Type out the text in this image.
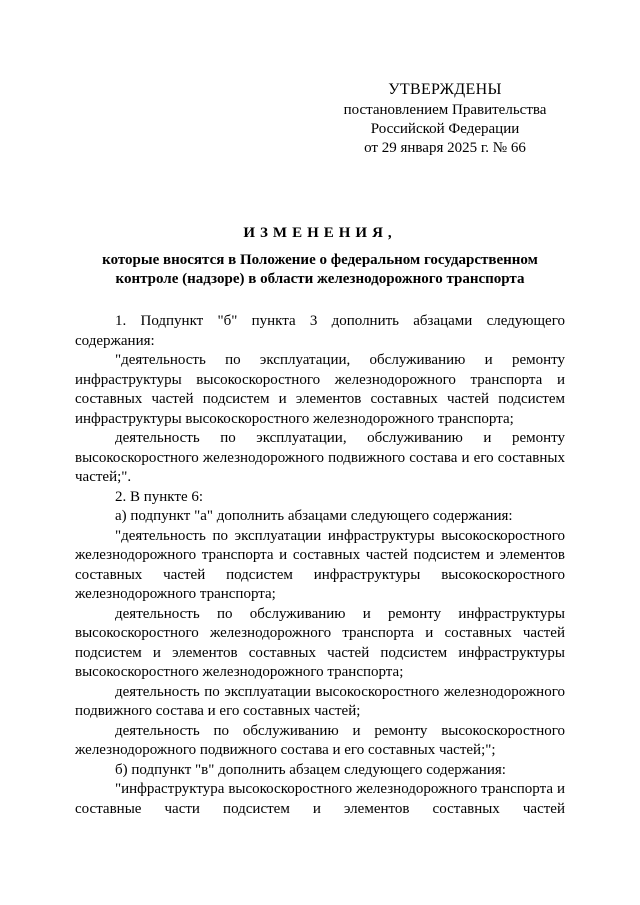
УТВЕРЖДЕНЫ
постановлением Правительства
Российской Федерации
от 29 января 2025 г. № 66
ИЗМЕНЕНИЯ,
которые вносятся в Положение о федеральном государственном
контроле (надзоре) в области железнодорожного транспорта

1. Подпункт "б" пункта 3 дополнить абзацами следующего содержания:

"деятельность по эксплуатации, обслуживанию и ремонту инфраструктуры высокоскоростного железнодорожного транспорта и составных частей подсистем и элементов составных частей подсистем инфраструктуры высокоскоростного железнодорожного транспорта;

деятельность по эксплуатации, обслуживанию и ремонту высокоскоростного железнодорожного подвижного состава и его составных частей;".

2. В пункте 6:

а) подпункт "а" дополнить абзацами следующего содержания:

"деятельность по эксплуатации инфраструктуры высокоскоростного железнодорожного транспорта и составных частей подсистем и элементов составных частей подсистем инфраструктуры высокоскоростного железнодорожного транспорта;

деятельность по обслуживанию и ремонту инфраструктуры высокоскоростного железнодорожного транспорта и составных частей подсистем и элементов составных частей подсистем инфраструктуры высокоскоростного железнодорожного транспорта;

деятельность по эксплуатации высокоскоростного железнодорожного подвижного состава и его составных частей;

деятельность по обслуживанию и ремонту высокоскоростного железнодорожного подвижного состава и его составных частей;";

б) подпункт "в" дополнить абзацем следующего содержания:

"инфраструктура высокоскоростного железнодорожного транспорта и составные части подсистем и элементов составных частей
